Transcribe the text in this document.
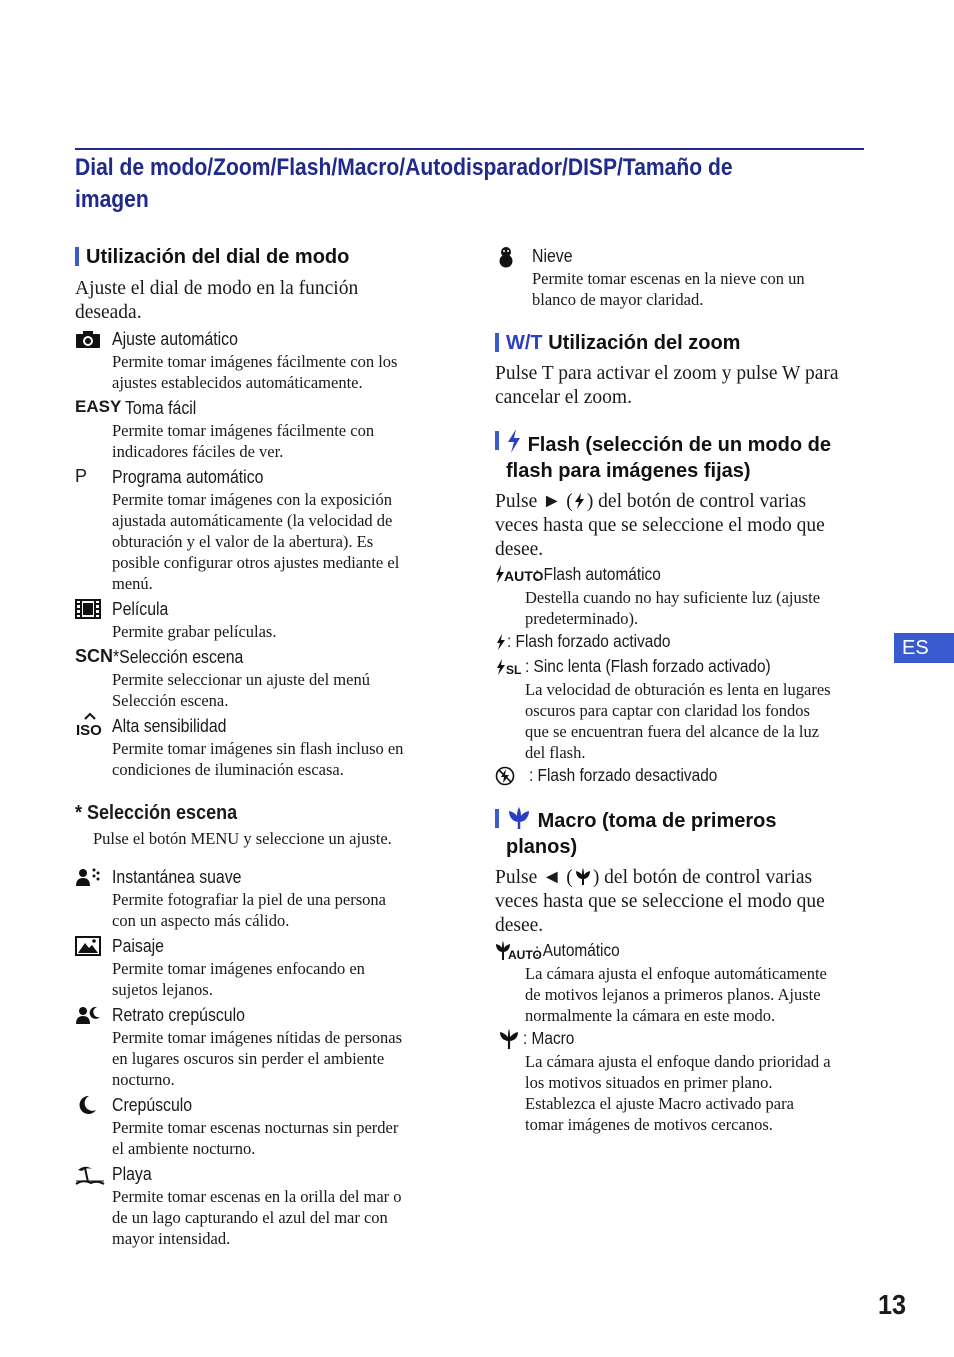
Dial de modo/Zoom/Flash/Macro/Autodisparador/DISP/Tamaño de
imagen
Utilización del dial de modo
Ajuste el dial de modo en la función
deseada.
Ajuste automático
Permite tomar imágenes fácilmente con los
ajustes establecidos automáticamente.
EASY Toma fácil
Permite tomar imágenes fácilmente con
indicadores fáciles de ver.
P	Programa automático
Permite tomar imágenes con la exposición
ajustada automáticamente (la velocidad de
obturación y el valor de la abertura). Es
posible configurar otros ajustes mediante el
menú.
Película
Permite grabar películas.
SCN *Selección escena
Permite seleccionar un ajuste del menú
Selección escena.
ISO Alta sensibilidad
Permite tomar imágenes sin flash incluso en
condiciones de iluminación escasa.
* Selección escena
Pulse el botón MENU y seleccione un ajuste.
Instantánea suave
Permite fotografiar la piel de una persona
con un aspecto más cálido.
Paisaje
Permite tomar imágenes enfocando en
sujetos lejanos.
Retrato crepúsculo
Permite tomar imágenes nítidas de personas
en lugares oscuros sin perder el ambiente
nocturno.
Crepúsculo
Permite tomar escenas nocturnas sin perder
el ambiente nocturno.
Playa
Permite tomar escenas en la orilla del mar o
de un lago capturando el azul del mar con
mayor intensidad.
Nieve
Permite tomar escenas en la nieve con un
blanco de mayor claridad.
W/T Utilización del zoom
Pulse T para activar el zoom y pulse W para
cancelar el zoom.
Flash (selección de un modo de
flash para imágenes fijas)
Pulse ► ( ) del botón de control varias
veces hasta que se seleccione el modo que
desee.
AUTO
: Flash automático
Destella cuando no hay suficiente luz (ajuste
predeterminado).
: Flash forzado activado
SL : Sinc lenta (Flash forzado activado)
La velocidad de obturación es lenta en lugares
oscuros para captar con claridad los fondos
que se encuentran fuera del alcance de la luz
del flash.
: Flash forzado desactivado
Macro (toma de primeros
planos)
Pulse ◄ ( ) del botón de control varias
veces hasta que se seleccione el modo que
desee.
AUTO
: Automático
La cámara ajusta el enfoque automáticamente
de motivos lejanos a primeros planos. Ajuste
normalmente la cámara en este modo.
: Macro
La cámara ajusta el enfoque dando prioridad a
los motivos situados en primer plano.
Establezca el ajuste Macro activado para
tomar imágenes de motivos cercanos.
ES
13
